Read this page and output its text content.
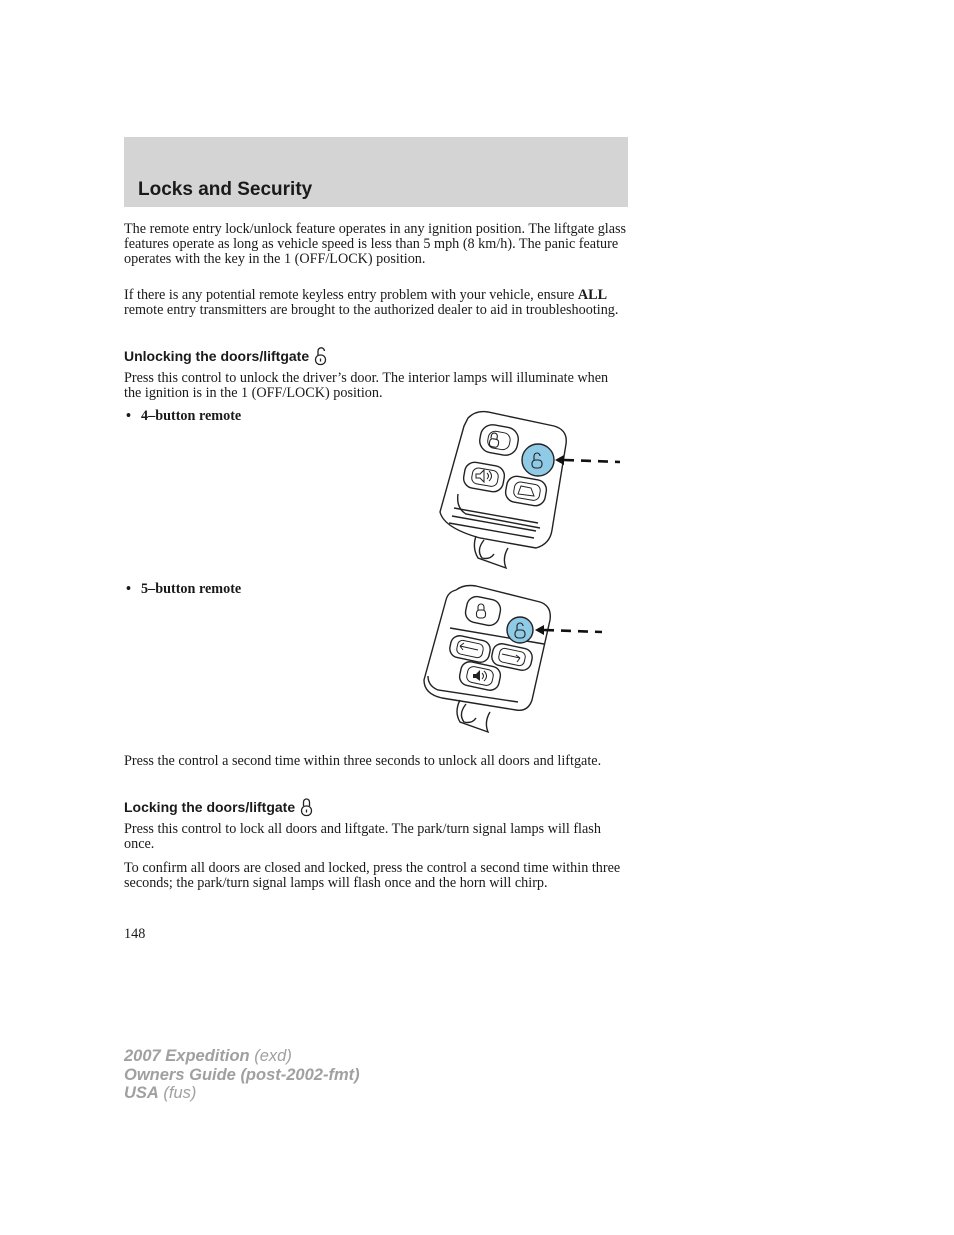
Locks and Security

The remote entry lock/unlock feature operates in any ignition position. The liftgate glass features operate as long as vehicle speed is less than 5 mph (8 km/h). The panic feature operates with the key in the 1 (OFF/LOCK) position.

If there is any potential remote keyless entry problem with your vehicle, ensure ALL remote entry transmitters are brought to the authorized dealer to aid in troubleshooting.

Unlocking the doors/liftgate

Press this control to unlock the driver’s door. The interior lamps will illuminate when the ignition is in the 1 (OFF/LOCK) position.

• 4–button remote

• 5–button remote

Press the control a second time within three seconds to unlock all doors and liftgate.

Locking the doors/liftgate

Press this control to lock all doors and liftgate. The park/turn signal lamps will flash once.

To confirm all doors are closed and locked, press the control a second time within three seconds; the park/turn signal lamps will flash once and the horn will chirp.

148

2007 Expedition (exd)
Owners Guide (post-2002-fmt)
USA (fus)
